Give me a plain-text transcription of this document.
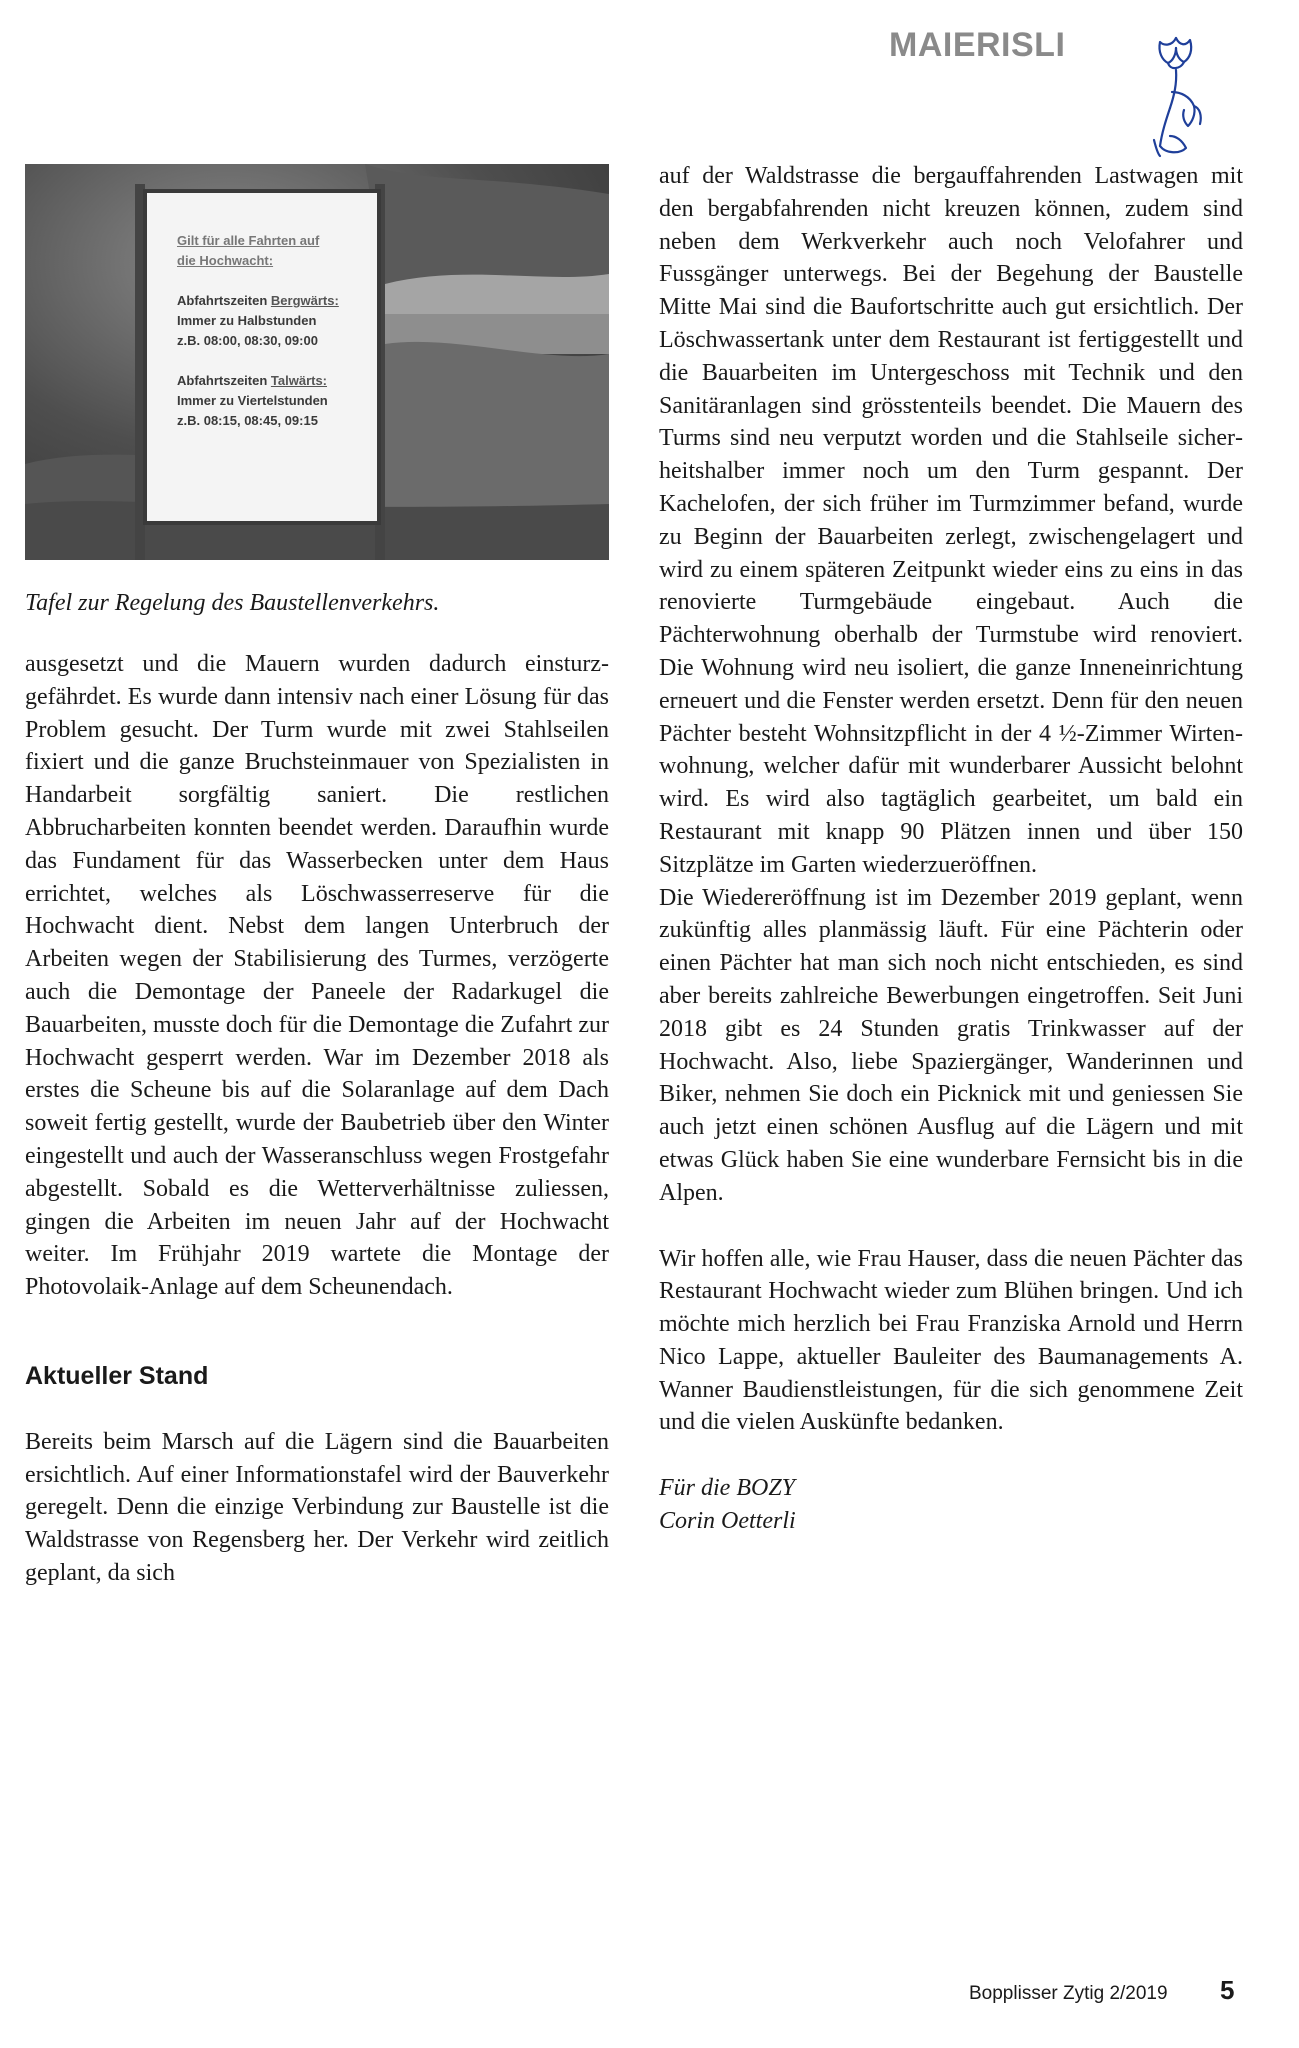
MAIERISLI
Gilt für alle Fahrten auf
die Hochwacht:
Abfahrtszeiten Bergwärts:
Immer zu Halbstunden
z.B. 08:00, 08:30, 09:00
Abfahrtszeiten Talwärts:
Immer zu Viertelstunden
z.B. 08:15, 08:45, 09:15

Tafel zur Regelung des Baustellenverkehrs.

ausgesetzt und die Mauern wurden dadurch einsturzgefährdet. Es wurde dann intensiv nach einer Lösung für das Problem gesucht. Der Turm wurde mit zwei Stahlseilen fixiert und die ganze Bruchsteinmauer von Spezialisten in Handarbeit sorgfältig saniert. Die restlichen Abbrucharbeiten konnten beendet werden. Daraufhin wurde das Fundament für das Wasserbecken unter dem Haus errichtet, welches als Löschwasserreserve für die Hochwacht dient. Nebst dem langen Unterbruch der Arbeiten wegen der Stabilisierung des Turmes, verzögerte auch die Demontage der Paneele der Radarkugel die Bauarbeiten, musste doch für die Demontage die Zufahrt zur Hochwacht gesperrt werden. War im Dezember 2018 als erstes die Scheune bis auf die Solaranlage auf dem Dach soweit fertig gestellt, wurde der Baubetrieb über den Winter eingestellt und auch der Wasseranschluss wegen Frostgefahr abgestellt. Sobald es die Wetterverhältnisse zuliessen, gingen die Arbeiten im neuen Jahr auf der Hochwacht weiter. Im Frühjahr 2019 wartete die Montage der Photovolaik-Anlage auf dem Scheunendach.

Aktueller Stand

Bereits beim Marsch auf die Lägern sind die Bauarbeiten ersichtlich. Auf einer Informationstafel wird der Bauverkehr geregelt. Denn die einzige Verbindung zur Baustelle ist die Waldstrasse von Regensberg her. Der Verkehr wird zeitlich geplant, da sich

auf der Waldstrasse die bergauffahrenden Lastwagen mit den bergabfahrenden nicht kreuzen können, zudem sind neben dem Werkverkehr auch noch Velofahrer und Fussgänger unterwegs. Bei der Begehung der Baustelle Mitte Mai sind die Baufortschritte auch gut ersichtlich. Der Löschwassertank unter dem Restaurant ist fertiggestellt und die Bauarbeiten im Untergeschoss mit Technik und den Sanitäranlagen sind grösstenteils beendet. Die Mauern des Turms sind neu verputzt worden und die Stahlseile sicherheitshalber immer noch um den Turm gespannt. Der Kachelofen, der sich früher im Turmzimmer befand, wurde zu Beginn der Bauarbeiten zerlegt, zwischengelagert und wird zu einem späteren Zeitpunkt wieder eins zu eins in das renovierte Turmgebäude eingebaut. Auch die Pächterwohnung oberhalb der Turmstube wird renoviert. Die Wohnung wird neu isoliert, die ganze Inneneinrichtung erneuert und die Fenster werden ersetzt. Denn für den neuen Pächter besteht Wohnsitzpflicht in der 4 ½-Zimmer Wirtenwohnung, welcher dafür mit wunderbarer Aussicht belohnt wird. Es wird also tagtäglich gearbeitet, um bald ein Restaurant mit knapp 90 Plätzen innen und über 150 Sitzplätze im Garten wiederzueröffnen.

Die Wiedereröffnung ist im Dezember 2019 geplant, wenn zukünftig alles planmässig läuft. Für eine Pächterin oder einen Pächter hat man sich noch nicht entschieden, es sind aber bereits zahlreiche Bewerbungen eingetroffen. Seit Juni 2018 gibt es 24 Stunden gratis Trinkwasser auf der Hochwacht. Also, liebe Spaziergänger, Wanderinnen und Biker, nehmen Sie doch ein Picknick mit und geniessen Sie auch jetzt einen schönen Ausflug auf die Lägern und mit etwas Glück haben Sie eine wunderbare Fernsicht bis in die Alpen.

Wir hoffen alle, wie Frau Hauser, dass die neuen Pächter das Restaurant Hochwacht wieder zum Blühen bringen. Und ich möchte mich herzlich bei Frau Franziska Arnold und Herrn Nico Lappe, aktueller Bauleiter des Baumanagements A. Wanner Baudienstleistungen, für die sich genommene Zeit und die vielen Auskünfte bedanken.

Für die BOZY

Corin Oetterli

Bopplisser Zytig 2/2019 5
